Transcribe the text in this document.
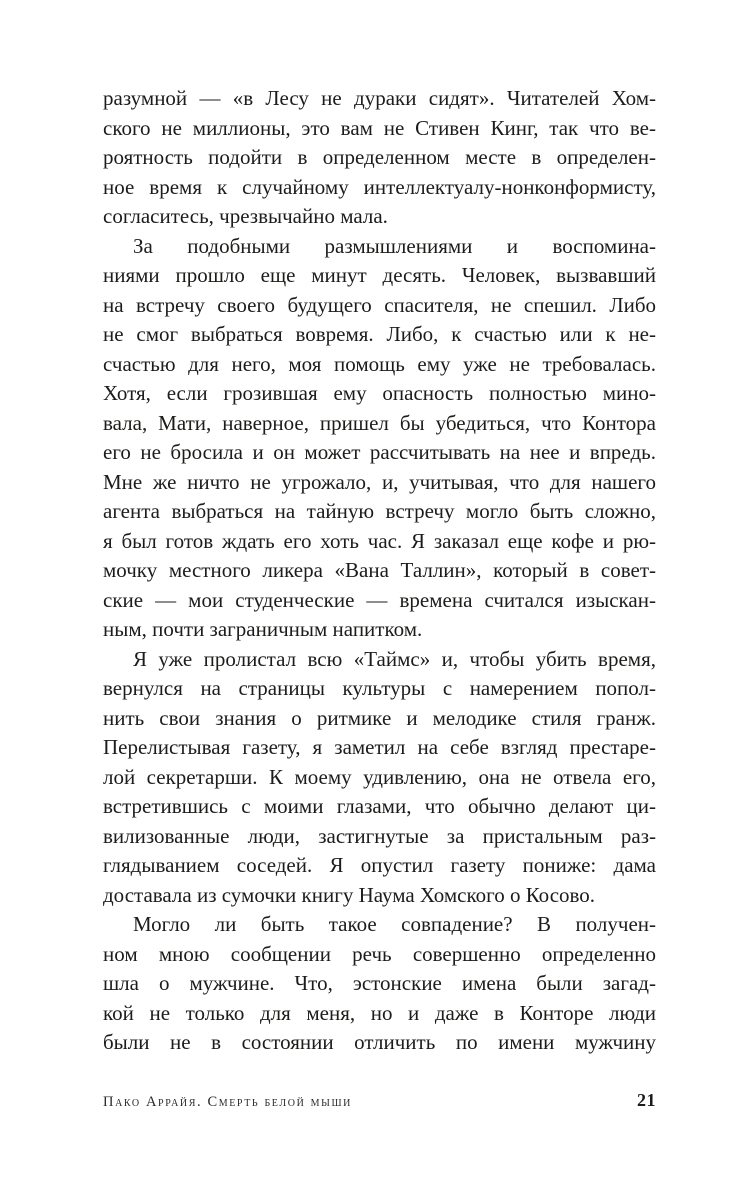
разумной — «в Лесу не дураки сидят». Читателей Хом-
ского не миллионы, это вам не Стивен Кинг, так что ве-
роятность подойти в определенном месте в определен-
ное время к случайному интеллектуалу-нонконформисту,
согласитесь, чрезвычайно мала.
За подобными размышлениями и воспомина-
ниями прошло еще минут десять. Человек, вызвавший
на встречу своего будущего спасителя, не спешил. Либо
не смог выбраться вовремя. Либо, к счастью или к не-
счастью для него, моя помощь ему уже не требовалась.
Хотя, если грозившая ему опасность полностью мино-
вала, Мати, наверное, пришел бы убедиться, что Контора
его не бросила и он может рассчитывать на нее и впредь.
Мне же ничто не угрожало, и, учитывая, что для нашего
агента выбраться на тайную встречу могло быть сложно,
я был готов ждать его хоть час. Я заказал еще кофе и рю-
мочку местного ликера «Вана Таллин», который в совет-
ские — мои студенческие — времена считался изыскан-
ным, почти заграничным напитком.
Я уже пролистал всю «Таймс» и, чтобы убить время,
вернулся на страницы культуры с намерением попол-
нить свои знания о ритмике и мелодике стиля гранж.
Перелистывая газету, я заметил на себе взгляд престаре-
лой секретарши. К моему удивлению, она не отвела его,
встретившись с моими глазами, что обычно делают ци-
вилизованные люди, застигнутые за пристальным раз-
глядыванием соседей. Я опустил газету пониже: дама
доставала из сумочки книгу Наума Хомского о Косово.
Могло ли быть такое совпадение? В получен-
ном мною сообщении речь совершенно определенно
шла о мужчине. Что, эстонские имена были загад-
кой не только для меня, но и даже в Конторе люди
были не в состоянии отличить по имени мужчину
Пако Аррайя. Смерть белой мыши	21
